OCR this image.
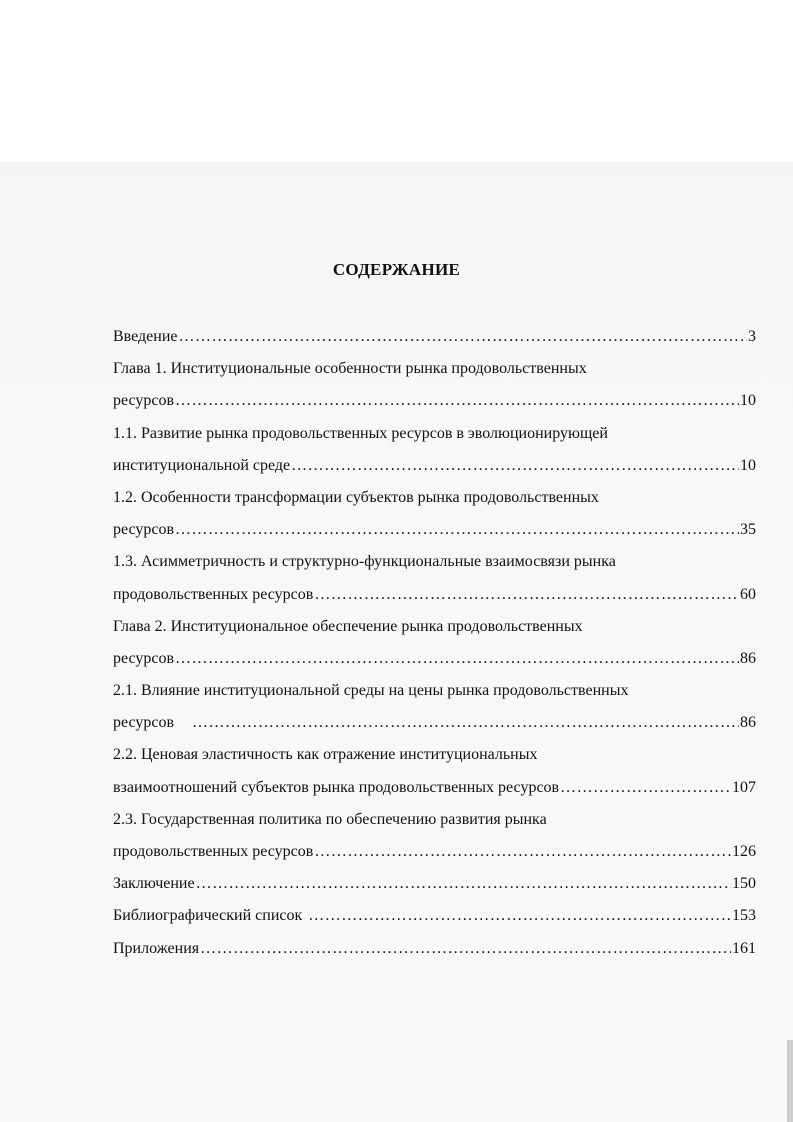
СОДЕРЖАНИЕ
Введение …………………………………………………………………………………………………………………………………………………………………	3
Глава 1. Институциональные особенности рынка продовольственных
ресурсов …………………………………………………………………………………………………………………………………………………………………	10
1.1. Развитие рынка продовольственных ресурсов в эволюционирующей
институциональной среде …………………………………………………………………………………………………………………………………………………………………	10
1.2. Особенности трансформации субъектов рынка продовольственных
ресурсов …………………………………………………………………………………………………………………………………………………………………	35
1.3. Асимметричность и структурно-функциональные взаимосвязи рынка
продовольственных ресурсов …………………………………………………………………………………………………………………………………………………………………	60
Глава 2. Институциональное обеспечение рынка продовольственных
ресурсов …………………………………………………………………………………………………………………………………………………………………	86
2.1. Влияние институциональной среды на цены рынка продовольственных
ресурсов …………………………………………………………………………………………………………………………………………………………………	86
2.2. Ценовая эластичность как отражение институциональных
взаимоотношений субъектов рынка продовольственных ресурсов …………………………………………………………………………………………………………………………………………………………………	107
2.3. Государственная политика по обеспечению развития рынка
продовольственных ресурсов …………………………………………………………………………………………………………………………………………………………………	126
Заключение …………………………………………………………………………………………………………………………………………………………………	150
Библиографический список …………………………………………………………………………………………………………………………………………………………………	153
Приложения …………………………………………………………………………………………………………………………………………………………………	161
